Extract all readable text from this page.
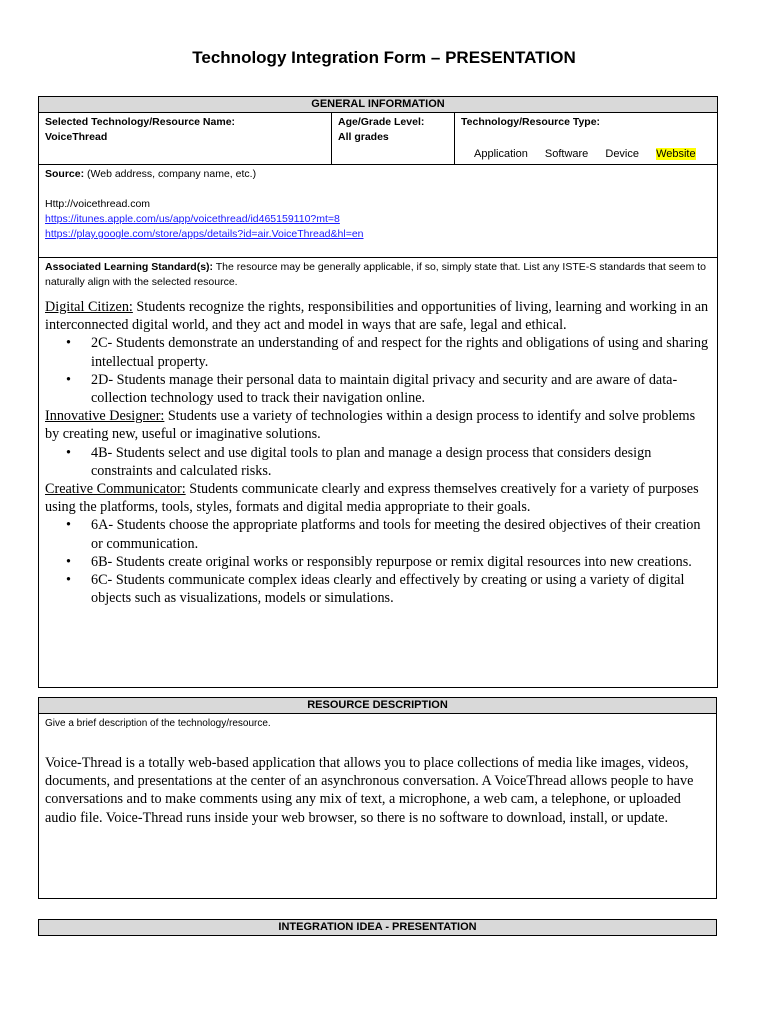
Technology Integration Form – PRESENTATION
GENERAL INFORMATION

Selected Technology/Resource Name:
VoiceThread

Age/Grade Level:
All grades

Technology/Resource Type:
Application Software Device Website

Source: (Web address, company name, etc.)
Http://voicethread.com
https://itunes.apple.com/us/app/voicethread/id465159110?mt=8
https://play.google.com/store/apps/details?id=air.VoiceThread&hl=en

Associated Learning Standard(s): The resource may be generally applicable, if so, simply state that. List any ISTE-S standards that seem to naturally align with the selected resource.
Digital Citizen: Students recognize the rights, responsibilities and opportunities of living, learning and working in an interconnected digital world, and they act and model in ways that are safe, legal and ethical.
• 2C- Students demonstrate an understanding of and respect for the rights and obligations of using and sharing intellectual property.
• 2D- Students manage their personal data to maintain digital privacy and security and are aware of data-collection technology used to track their navigation online.
Innovative Designer: Students use a variety of technologies within a design process to identify and solve problems by creating new, useful or imaginative solutions.
• 4B- Students select and use digital tools to plan and manage a design process that considers design constraints and calculated risks.
Creative Communicator: Students communicate clearly and express themselves creatively for a variety of purposes using the platforms, tools, styles, formats and digital media appropriate to their goals.
• 6A- Students choose the appropriate platforms and tools for meeting the desired objectives of their creation or communication.
• 6B- Students create original works or responsibly repurpose or remix digital resources into new creations.
• 6C- Students communicate complex ideas clearly and effectively by creating or using a variety of digital objects such as visualizations, models or simulations.
RESOURCE DESCRIPTION

Give a brief description of the technology/resource.
Voice-Thread is a totally web-based application that allows you to place collections of media like images, videos, documents, and presentations at the center of an asynchronous conversation. A VoiceThread allows people to have conversations and to make comments using any mix of text, a microphone, a web cam, a telephone, or uploaded audio file. Voice-Thread runs inside your web browser, so there is no software to download, install, or update.
INTEGRATION IDEA - PRESENTATION
